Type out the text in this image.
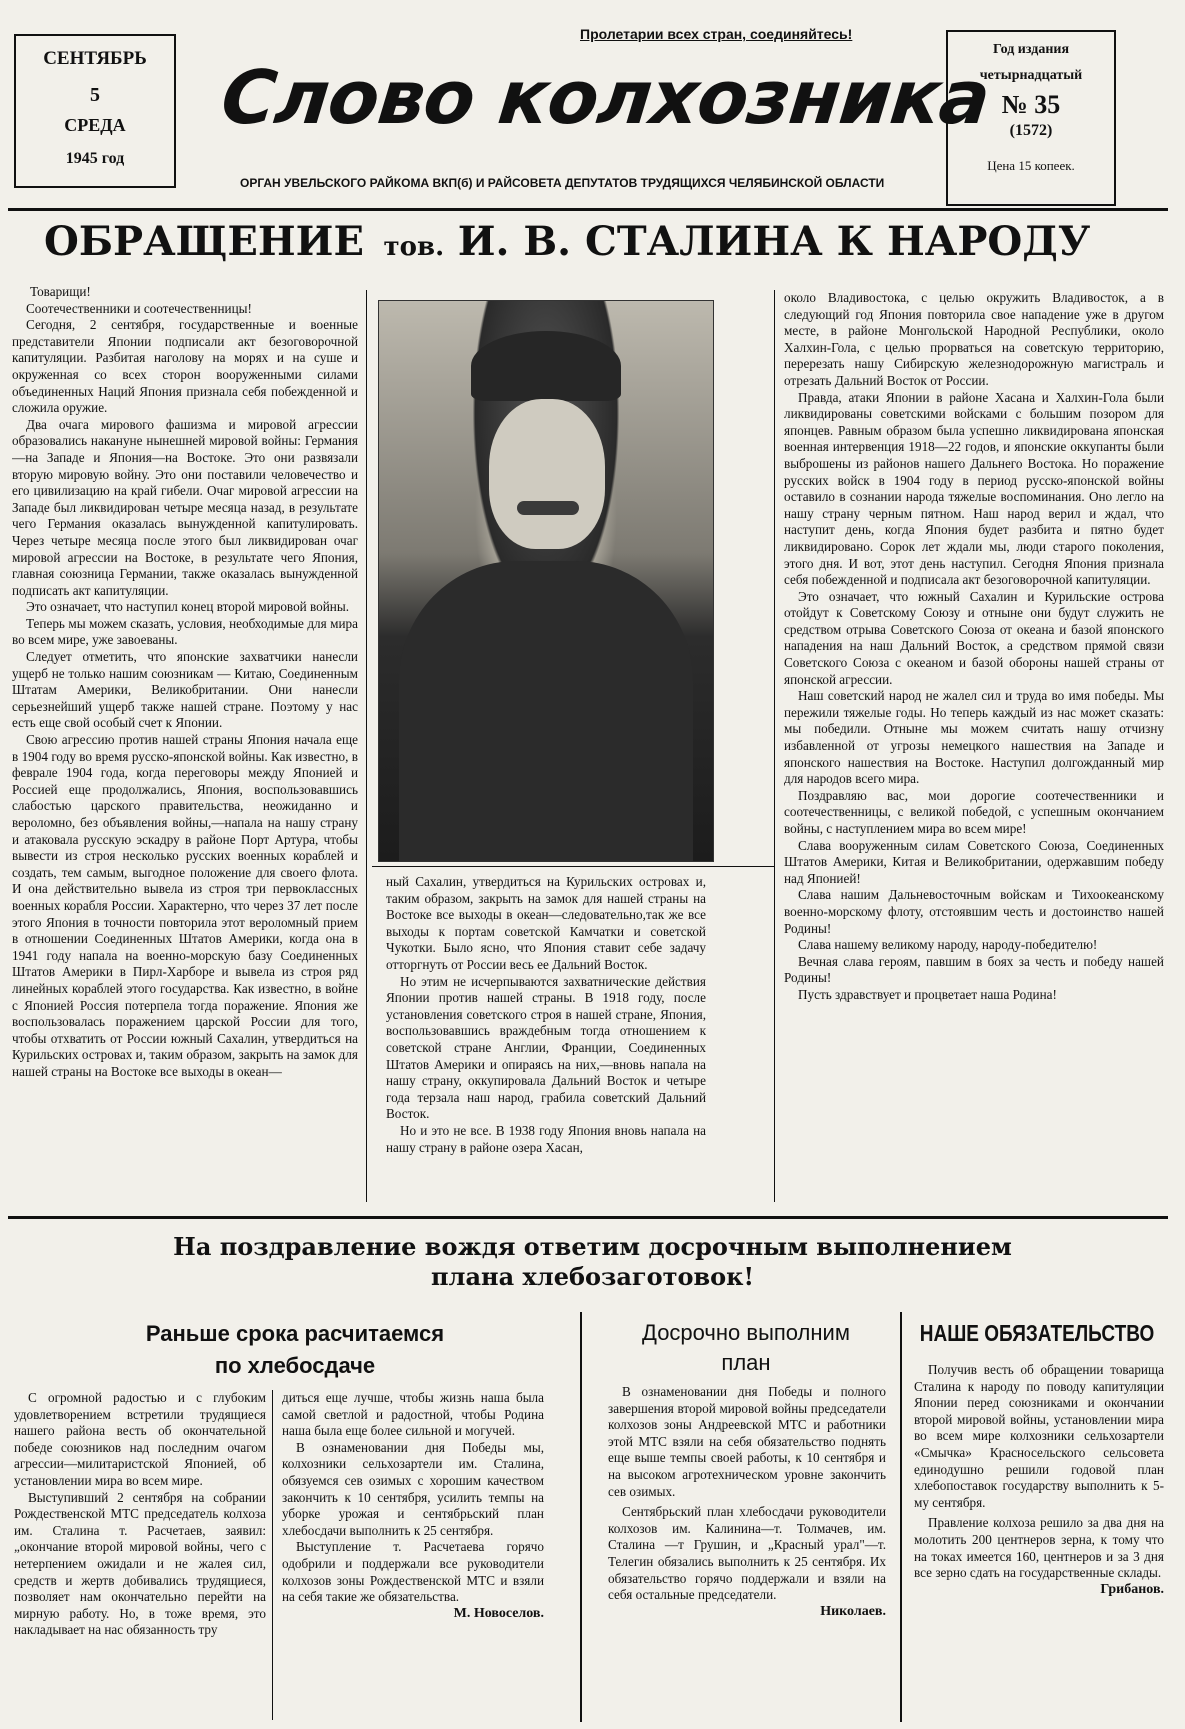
СЕНТЯБРЬ
5
СРЕДА
1945 год
Пролетарии всех стран, соединяйтесь!
Слово колхозника
ОРГАН УВЕЛЬСКОГО РАЙКОМА ВКП(б) И РАЙСОВЕТА ДЕПУТАТОВ ТРУДЯЩИХСЯ ЧЕЛЯБИНСКОЙ ОБЛАСТИ
Год издания
четырнадцатый
№ 35
(1572)
Цена 15 копеек.
ОБРАЩЕНИЕ тов. И. В. СТАЛИНА К НАРОДУ

Товарищи!

Соотечественники и соотечественницы!

Сегодня, 2 сентября, государственные и военные представители Японии подписали акт безоговорочной капитуляции. Разбитая наголову на морях и на суше и окруженная со всех сторон вооруженными силами объединенных Наций Япония признала себя побежденной и сложила оружие.

Два очага мирового фашизма и мировой агрессии образовались накануне нынешней мировой войны: Германия—на Западе и Япония—на Востоке. Это они развязали вторую мировую войну. Это они поставили человечество и его цивилизацию на край гибели. Очаг мировой агрессии на Западе был ликвидирован четыре месяца назад, в результате чего Германия оказалась вынужденной капитулировать. Через четыре месяца после этого был ликвидирован очаг мировой агрессии на Востоке, в результате чего Япония, главная союзница Германии, также оказалась вынужденной подписать акт капитуляции.

Это означает, что наступил конец второй мировой войны.

Теперь мы можем сказать, условия, необходимые для мира во всем мире, уже завоеваны.

Следует отметить, что японские захватчики нанесли ущерб не только нашим союзникам — Китаю, Соединенным Штатам Америки, Великобритании. Они нанесли серьезнейший ущерб также нашей стране. Поэтому у нас есть еще свой особый счет к Японии.

Свою агрессию против нашей страны Япония начала еще в 1904 году во время русско-японской войны. Как известно, в феврале 1904 года, когда переговоры между Японией и Россией еще продолжались, Япония, воспользовавшись слабостью царского правительства, неожиданно и вероломно, без объявления войны,—напала на нашу страну и атаковала русскую эскадру в районе Порт Артура, чтобы вывести из строя несколько русских военных кораблей и создать, тем самым, выгодное положение для своего флота. И она действительно вывела из строя три первоклассных военных корабля России. Характерно, что через 37 лет после этого Япония в точности повторила этот вероломный прием в отношении Соединенных Штатов Америки, когда она в 1941 году напала на военно-морскую базу Соединенных Штатов Америки в Пирл-Харборе и вывела из строя ряд линейных кораблей этого государства. Как известно, в войне с Японией Россия потерпела тогда поражение. Япония же воспользовалась поражением царской России для того, чтобы отхватить от России южный Сахалин, утвердиться на Курильских островах и, таким образом, закрыть на замок для нашей страны на Востоке все выходы в океан—

ный Сахалин, утвердиться на Курильских островах и, таким образом, закрыть на замок для нашей страны на Востоке все выходы в океан—следовательно,так же все выходы к портам советской Камчатки и советской Чукотки. Было ясно, что Япония ставит себе задачу отторгнуть от России весь ее Дальний Восток.

Но этим не исчерпываются захватнические действия Японии против нашей страны. В 1918 году, после установления советского строя в нашей стране, Япония, воспользовавшись враждебным тогда отношением к советской стране Англии, Франции, Соединенных Штатов Америки и опираясь на них,—вновь напала на нашу страну, оккупировала Дальний Восток и четыре года терзала наш народ, грабила советский Дальний Восток.

Но и это не все. В 1938 году Япония вновь напала на нашу страну в районе озера Хасан,

около Владивостока, с целью окружить Владивосток, а в следующий год Япония повторила свое нападение уже в другом месте, в районе Монгольской Народной Республики, около Халхин-Гола, с целью прорваться на советскую территорию, перерезать нашу Сибирскую железнодорожную магистраль и отрезать Дальний Восток от России.

Правда, атаки Японии в районе Хасана и Халхин-Гола были ликвидированы советскими войсками с большим позором для японцев. Равным образом была успешно ликвидирована японская военная интервенция 1918—22 годов, и японские оккупанты были выброшены из районов нашего Дальнего Востока. Но поражение русских войск в 1904 году в период русско-японской войны оставило в сознании народа тяжелые воспоминания. Оно легло на нашу страну черным пятном. Наш народ верил и ждал, что наступит день, когда Япония будет разбита и пятно будет ликвидировано. Сорок лет ждали мы, люди старого поколения, этого дня. И вот, этот день наступил. Сегодня Япония признала себя побежденной и подписала акт безоговорочной капитуляции.

Это означает, что южный Сахалин и Курильские острова отойдут к Советскому Союзу и отныне они будут служить не средством отрыва Советского Союза от океана и базой японского нападения на наш Дальний Восток, а средством прямой связи Советского Союза с океаном и базой обороны нашей страны от японской агрессии.

Наш советский народ не жалел сил и труда во имя победы. Мы пережили тяжелые годы. Но теперь каждый из нас может сказать: мы победили. Отныне мы можем считать нашу отчизну избавленной от угрозы немецкого нашествия на Западе и японского нашествия на Востоке. Наступил долгожданный мир для народов всего мира.

Поздравляю вас, мои дорогие соотечественники и соотечественницы, с великой победой, с успешным окончанием войны, с наступлением мира во всем мире!

Слава вооруженным силам Советского Союза, Соединенных Штатов Америки, Китая и Великобритании, одержавшим победу над Японией!

Слава нашим Дальневосточным войскам и Тихоокеанскому военно-морскому флоту, отстоявшим честь и достоинство нашей Родины!

Слава нашему великому народу, народу-победителю!

Вечная слава героям, павшим в боях за честь и победу нашей Родины!

Пусть здравствует и процветает наша Родина!

На поздравление вождя ответим досрочным выполнением
плана хлебозаготовок!
Раньше срока расчитаемся
по хлебосдаче

С огромной радостью и с глубоким удовлетворением встретили трудящиеся нашего района весть об окончательной победе союзников над последним очагом агрессии—милитаристской Японией, об установлении мира во всем мире.

Выступивший 2 сентября на собрании Рождественской МТС председатель колхоза им. Сталина т. Расчетаев, заявил: „окончание второй мировой войны, чего с нетерпением ожидали и не жалея сил, средств и жертв добивались трудящиеся, позволяет нам окончательно перейти на мирную работу. Но, в тоже время, это накладывает на нас обязанность тру

диться еще лучше, чтобы жизнь наша была самой светлой и радостной, чтобы Родина наша была еще более сильной и могучей.

В ознаменовании дня Победы мы, колхозники сельхозартели им. Сталина, обязуемся сев озимых с хорошим качеством закончить к 10 сентября, усилить темпы на уборке урожая и сентябрьский план хлебосдачи выполнить к 25 сентября.

Выступление т. Расчетаева горячо одобрили и поддержали все руководители колхозов зоны Рождественской МТС и взяли на себя такие же обязательства.

М. Новоселов.
Досрочно выполним
план

В ознаменовании дня Победы и полного завершения второй мировой войны председатели колхозов зоны Андреевской МТС и работники этой МТС взяли на себя обязательство поднять еще выше темпы своей работы, к 10 сентября и на высоком агротехническом уровне закончить сев озимых.

Сентябрьский план хлебосдачи руководители колхозов им. Калинина—т. Толмачев, им. Сталина —т Грушин, и „Красный урал"—т. Телегин обязались выполнить к 25 сентября. Их обязательство горячо поддержали и взяли на себя остальные председатели.

Николаев.
НАШЕ ОБЯЗАТЕЛЬСТВО

Получив весть об обращении товарища Сталина к народу по поводу капитуляции Японии перед союзниками и окончании второй мировой войны, установлении мира во всем мире колхозники сельхозартели «Смычка» Красносельского сельсовета единодушно решили годовой план хлебопоставок государству выполнить к 5-му сентября.

Правление колхоза решило за два дня на молотить 200 центнеров зерна, к тому что на токах имеется 160, центнеров и за 3 дня все зерно сдать на государственные склады.

Грибанов.
